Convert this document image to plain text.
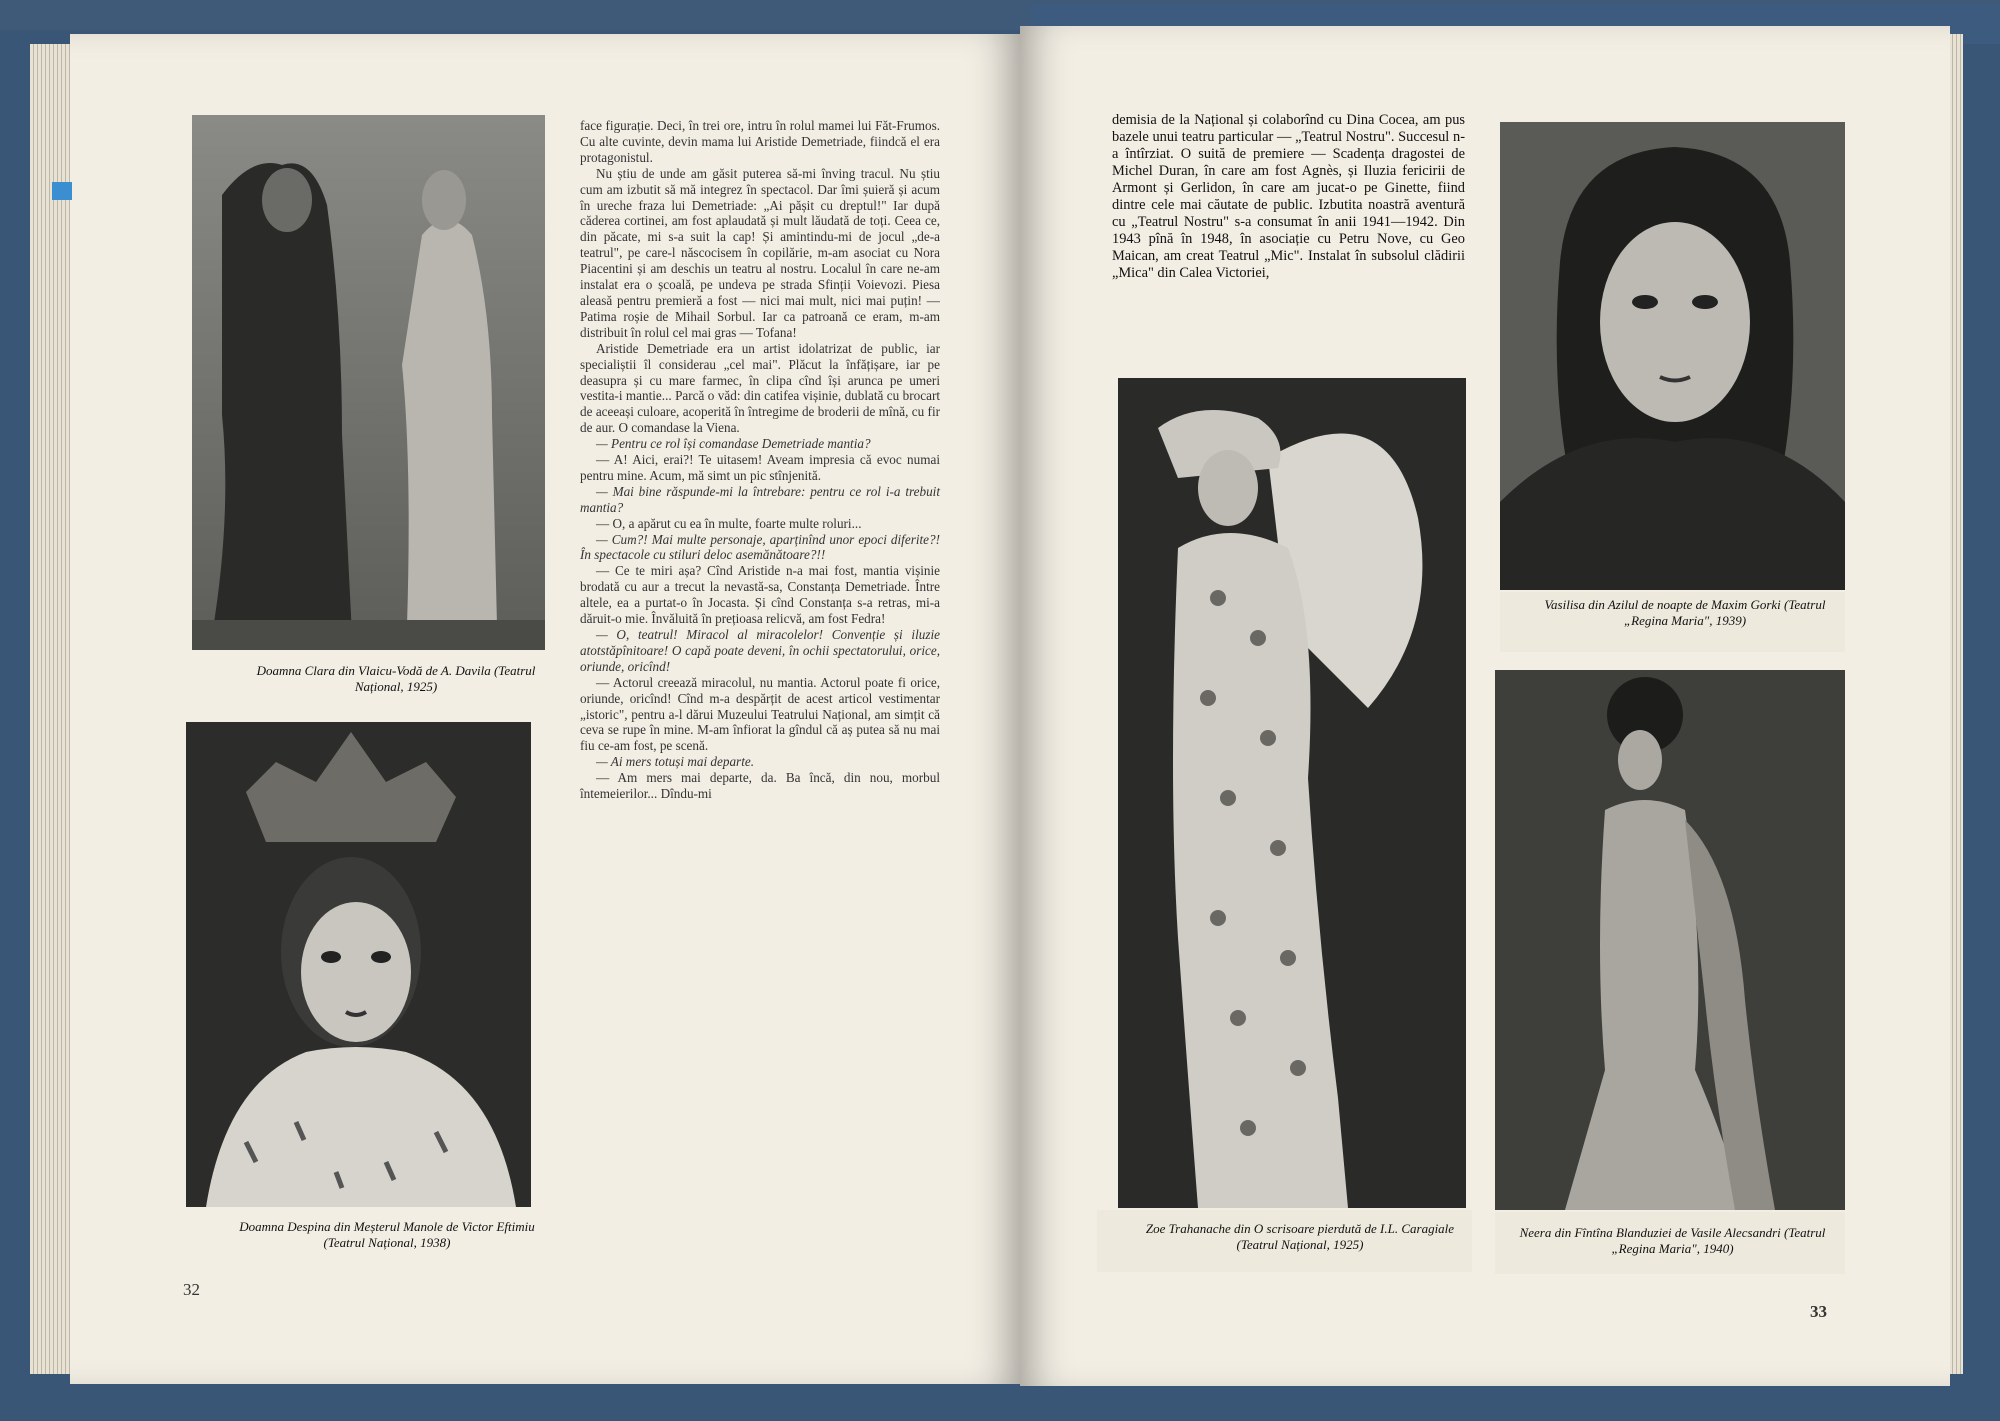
Doamna Clara din Vlaicu-Vodă de A. Davila (Teatrul Național, 1925)
Doamna Despina din Meșterul Manole de Victor Eftimiu (Teatrul Național, 1938)

face figurație. Deci, în trei ore, intru în rolul mamei lui Făt-Frumos. Cu alte cuvinte, devin mama lui Aristide Demetriade, fiindcă el era protagonistul.

Nu știu de unde am găsit puterea să-mi înving tracul. Nu știu cum am izbutit să mă integrez în spectacol. Dar îmi șuieră și acum în ureche fraza lui Demetriade: „Ai pășit cu dreptul!" Iar după căderea cortinei, am fost aplaudată și mult lăudată de toți. Ceea ce, din păcate, mi s-a suit la cap! Și amintindu-mi de jocul „de-a teatrul", pe care-l născocisem în copilărie, m-am asociat cu Nora Piacentini și am deschis un teatru al nostru. Localul în care ne-am instalat era o școală, pe undeva pe strada Sfinții Voievozi. Piesa aleasă pentru premieră a fost — nici mai mult, nici mai puțin! — Patima roșie de Mihail Sorbul. Iar ca patroană ce eram, m-am distribuit în rolul cel mai gras — Tofana!

Aristide Demetriade era un artist idolatrizat de public, iar specialiștii îl considerau „cel mai". Plăcut la înfățișare, iar pe deasupra și cu mare farmec, în clipa cînd își arunca pe umeri vestita-i mantie... Parcă o văd: din catifea vișinie, dublată cu brocart de aceeași culoare, acoperită în întregime de broderii de mînă, cu fir de aur. O comandase la Viena.

— Pentru ce rol își comandase Demetriade mantia?

— A! Aici, erai?! Te uitasem! Aveam impresia că evoc numai pentru mine. Acum, mă simt un pic stînjenită.

— Mai bine răspunde-mi la întrebare: pentru ce rol i-a trebuit mantia?

— O, a apărut cu ea în multe, foarte multe roluri...

— Cum?! Mai multe personaje, aparținînd unor epoci diferite?! În spectacole cu stiluri deloc asemănătoare?!!

— Ce te miri așa? Cînd Aristide n-a mai fost, mantia vișinie brodată cu aur a trecut la nevastă-sa, Constanța Demetriade. Între altele, ea a purtat-o în Jocasta. Și cînd Constanța s-a retras, mi-a dăruit-o mie. Învăluită în prețioasa relicvă, am fost Fedra!

— O, teatrul! Miracol al miracolelor! Convenție și iluzie atotstăpînitoare! O capă poate deveni, în ochii spectatorului, orice, oriunde, oricînd!

— Actorul creează miracolul, nu mantia. Actorul poate fi orice, oriunde, oricînd! Cînd m-a despărțit de acest articol vestimentar „istoric", pentru a-l dărui Muzeului Teatrului Național, am simțit că ceva se rupe în mine. M-am înfiorat la gîndul că aș putea să nu mai fiu ce-am fost, pe scenă.

— Ai mers totuși mai departe.

— Am mers mai departe, da. Ba încă, din nou, morbul întemeierilor... Dîndu-mi

32

demisia de la Național și colaborînd cu Dina Cocea, am pus bazele unui teatru particular — „Teatrul Nostru". Succesul n-a întîrziat. O suită de premiere — Scadența dragostei de Michel Duran, în care am fost Agnès, și Iluzia fericirii de Armont și Gerlidon, în care am jucat-o pe Ginette, fiind dintre cele mai căutate de public. Izbutita noastră aventură cu „Teatrul Nostru" s-a consumat în anii 1941—1942. Din 1943 pînă în 1948, în asociație cu Petru Nove, cu Geo Maican, am creat Teatrul „Mic". Instalat în subsolul clădirii „Mica" din Calea Victoriei,

Vasilisa din Azilul de noapte de Maxim Gorki (Teatrul „Regina Maria", 1939)
Zoe Trahanache din O scrisoare pierdută de I.L. Caragiale (Teatrul Național, 1925)
Neera din Fîntîna Blanduziei de Vasile Alecsandri (Teatrul „Regina Maria", 1940)
33
